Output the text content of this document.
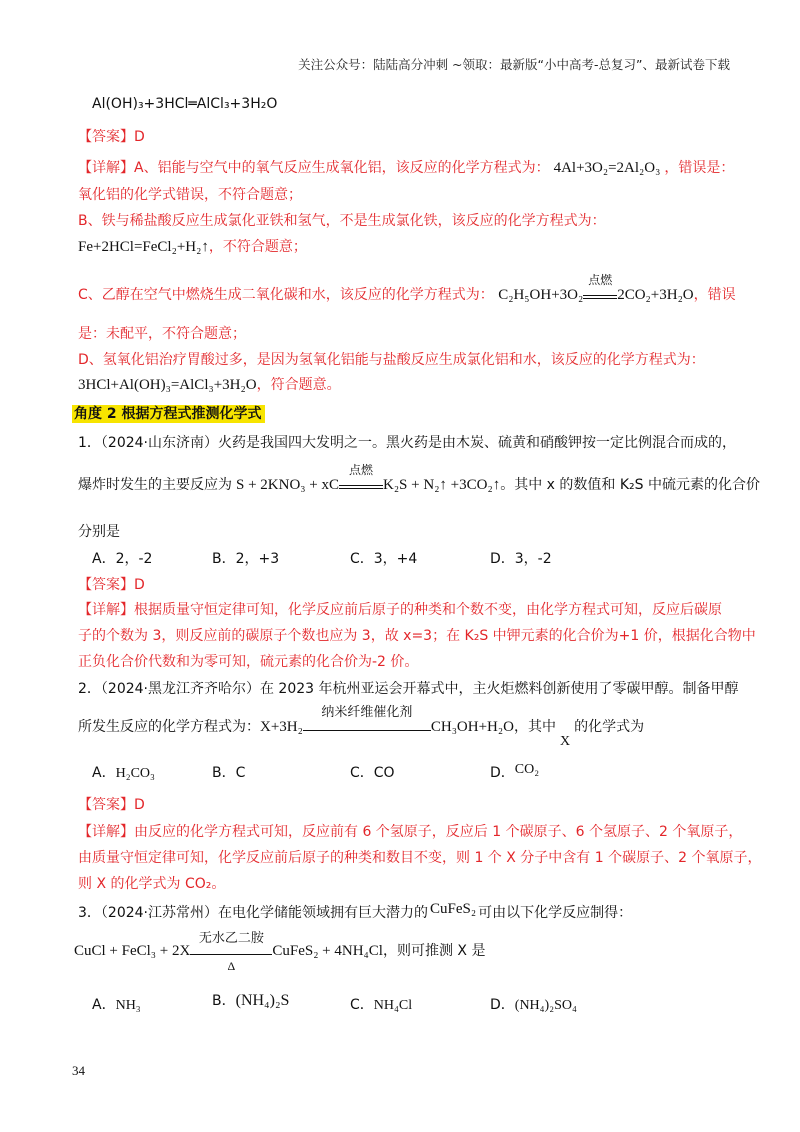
关注公众号：陆陆高分冲刺 ~领取：最新版“小中高考-总复习”、最新试卷下载
Al(OH)₃+3HCl═AlCl₃+3H₂O
【答案】D
【详解】A、铝能与空气中的氧气反应生成氧化铝，该反应的化学方程式为： 4Al+3O₂=2Al₂O₃ ，错误是：
氧化铝的化学式错误，不符合题意；
B、铁与稀盐酸反应生成氯化亚铁和氢气，不是生成氯化铁，该反应的化学方程式为：
Fe+2HCl=FeCl₂+H₂↑，不符合题意；
C、乙醇在空气中燃烧生成二氧化碳和水，该反应的化学方程式为： C₂H₅OH+3O₂
点燃
2CO₂+3H₂O，错误
是：未配平，不符合题意；
D、氢氧化铝治疗胃酸过多，是因为氢氧化铝能与盐酸反应生成氯化铝和水，该反应的化学方程式为：
3HCl+Al(OH)₃=AlCl₃+3H₂O，符合题意。
角度 2 根据方程式推测化学式
1．（2024·山东济南）火药是我国四大发明之一。黑火药是由木炭、硫黄和硝酸钾按一定比例混合而成的，
爆炸时发生的主要反应为 S + 2KNO₃ + xC
点燃
K₂S + N₂↑ +3CO₂↑。其中 x 的数值和 K₂S 中硫元素的化合价
分别是
A．2，-2	B．2，+3	C．3，+4	D．3，-2
【答案】D
【详解】根据质量守恒定律可知，化学反应前后原子的种类和个数不变，由化学方程式可知，反应后碳原
子的个数为 3，则反应前的碳原子个数也应为 3，故 x=3；在 K₂S 中钾元素的化合价为+1 价，根据化合物中
正负化合价代数和为零可知，硫元素的化合价为-2 价。
2．（2024·黑龙江齐齐哈尔）在 2023 年杭州亚运会开幕式中，主火炬燃料创新使用了零碳甲醇。制备甲醇
所发生反应的化学方程式为：X+3H₂
纳米纤维催化剂
CH₃OH+H₂O，其中X的化学式为
A．H₂CO₃	B．C	C．CO	D．CO₂
【答案】D
【详解】由反应的化学方程式可知，反应前有 6 个氢原子，反应后 1 个碳原子、6 个氢原子、2 个氧原子，
由质量守恒定律可知，化学反应前后原子的种类和数目不变，则 1 个 X 分子中含有 1 个碳原子、2 个氧原子，
则 X 的化学式为 CO₂。
3．（2024·江苏常州）在电化学储能领域拥有巨大潜力的 CuFeS₂ 可由以下化学反应制得：
CuCl + FeCl₃ + 2X
无水乙二胺
Δ
CuFeS₂ + 4NH₄Cl，则可推测 X 是
A．NH₃	B．(NH₄)₂S	C．NH₄Cl	D．(NH₄)₂SO₄
34
